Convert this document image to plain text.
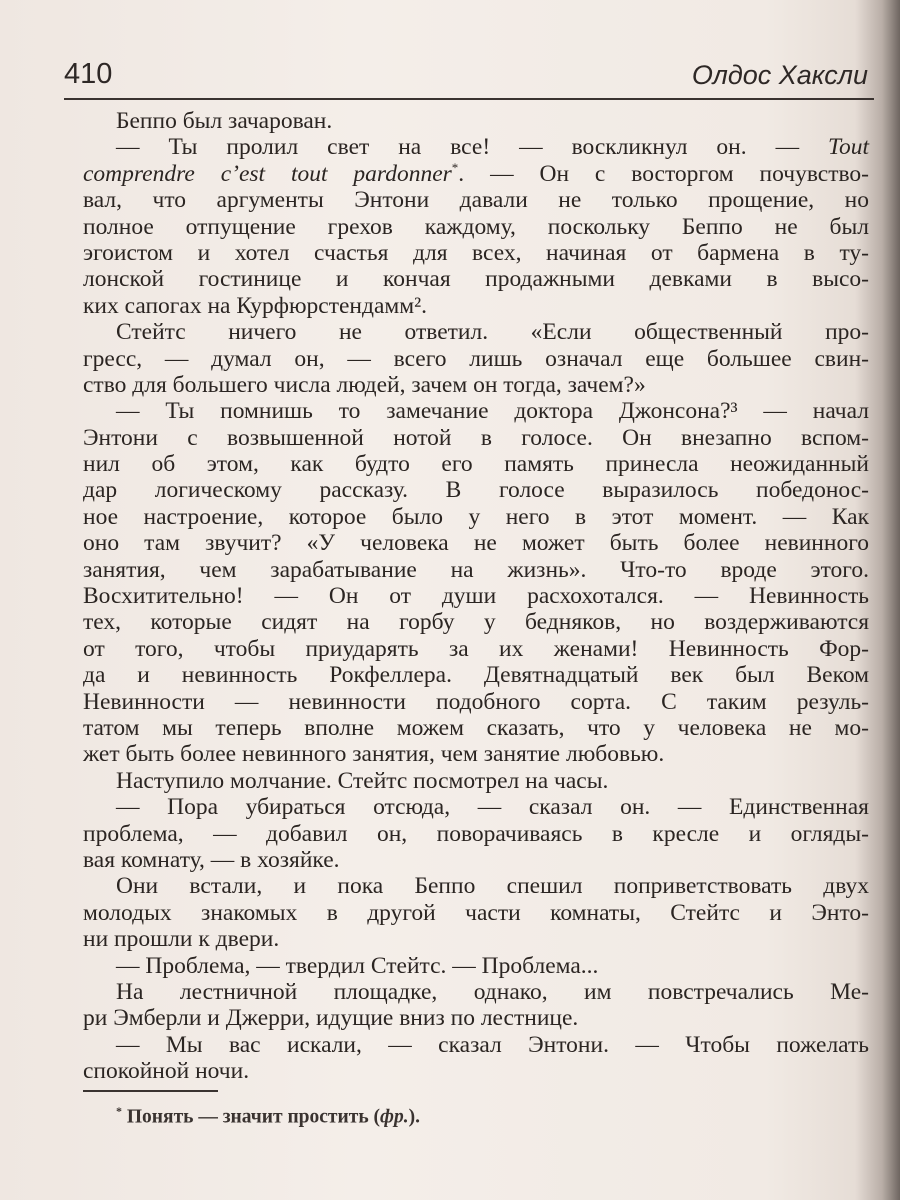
410	Олдос Хаксли
Беппо был зачарован.
— Ты пролил свет на все! — воскликнул он. — Tout
comprendre c’est tout pardonner*. — Он с восторгом почувство-
вал, что аргументы Энтони давали не только прощение, но
полное отпущение грехов каждому, поскольку Беппо не был
эгоистом и хотел счастья для всех, начиная от бармена в ту-
лонской гостинице и кончая продажными девками в высо-
ких сапогах на Курфюрстендамм².
Стейтс ничего не ответил. «Если общественный про-
гресс, — думал он, — всего лишь означал еще большее свин-
ство для большего числа людей, зачем он тогда, зачем?»
— Ты помнишь то замечание доктора Джонсона?³ — начал
Энтони с возвышенной нотой в голосе. Он внезапно вспом-
нил об этом, как будто его память принесла неожиданный
дар логическому рассказу. В голосе выразилось победонос-
ное настроение, которое было у него в этот момент. — Как
оно там звучит? «У человека не может быть более невинного
занятия, чем зарабатывание на жизнь». Что-то вроде этого.
Восхитительно! — Он от души расхохотался. — Невинность
тех, которые сидят на горбу у бедняков, но воздерживаются
от того, чтобы приударять за их женами! Невинность Фор-
да и невинность Рокфеллера. Девятнадцатый век был Веком
Невинности — невинности подобного сорта. С таким резуль-
татом мы теперь вполне можем сказать, что у человека не мо-
жет быть более невинного занятия, чем занятие любовью.
Наступило молчание. Стейтс посмотрел на часы.
— Пора убираться отсюда, — сказал он. — Единственная
проблема, — добавил он, поворачиваясь в кресле и огляды-
вая комнату, — в хозяйке.
Они встали, и пока Беппо спешил поприветствовать двух
молодых знакомых в другой части комнаты, Стейтс и Энто-
ни прошли к двери.
— Проблема, — твердил Стейтс. — Проблема...
На лестничной площадке, однако, им повстречались Ме-
ри Эмберли и Джерри, идущие вниз по лестнице.
— Мы вас искали, — сказал Энтони. — Чтобы пожелать
спокойной ночи.
* Понять — значит простить (фр.).
